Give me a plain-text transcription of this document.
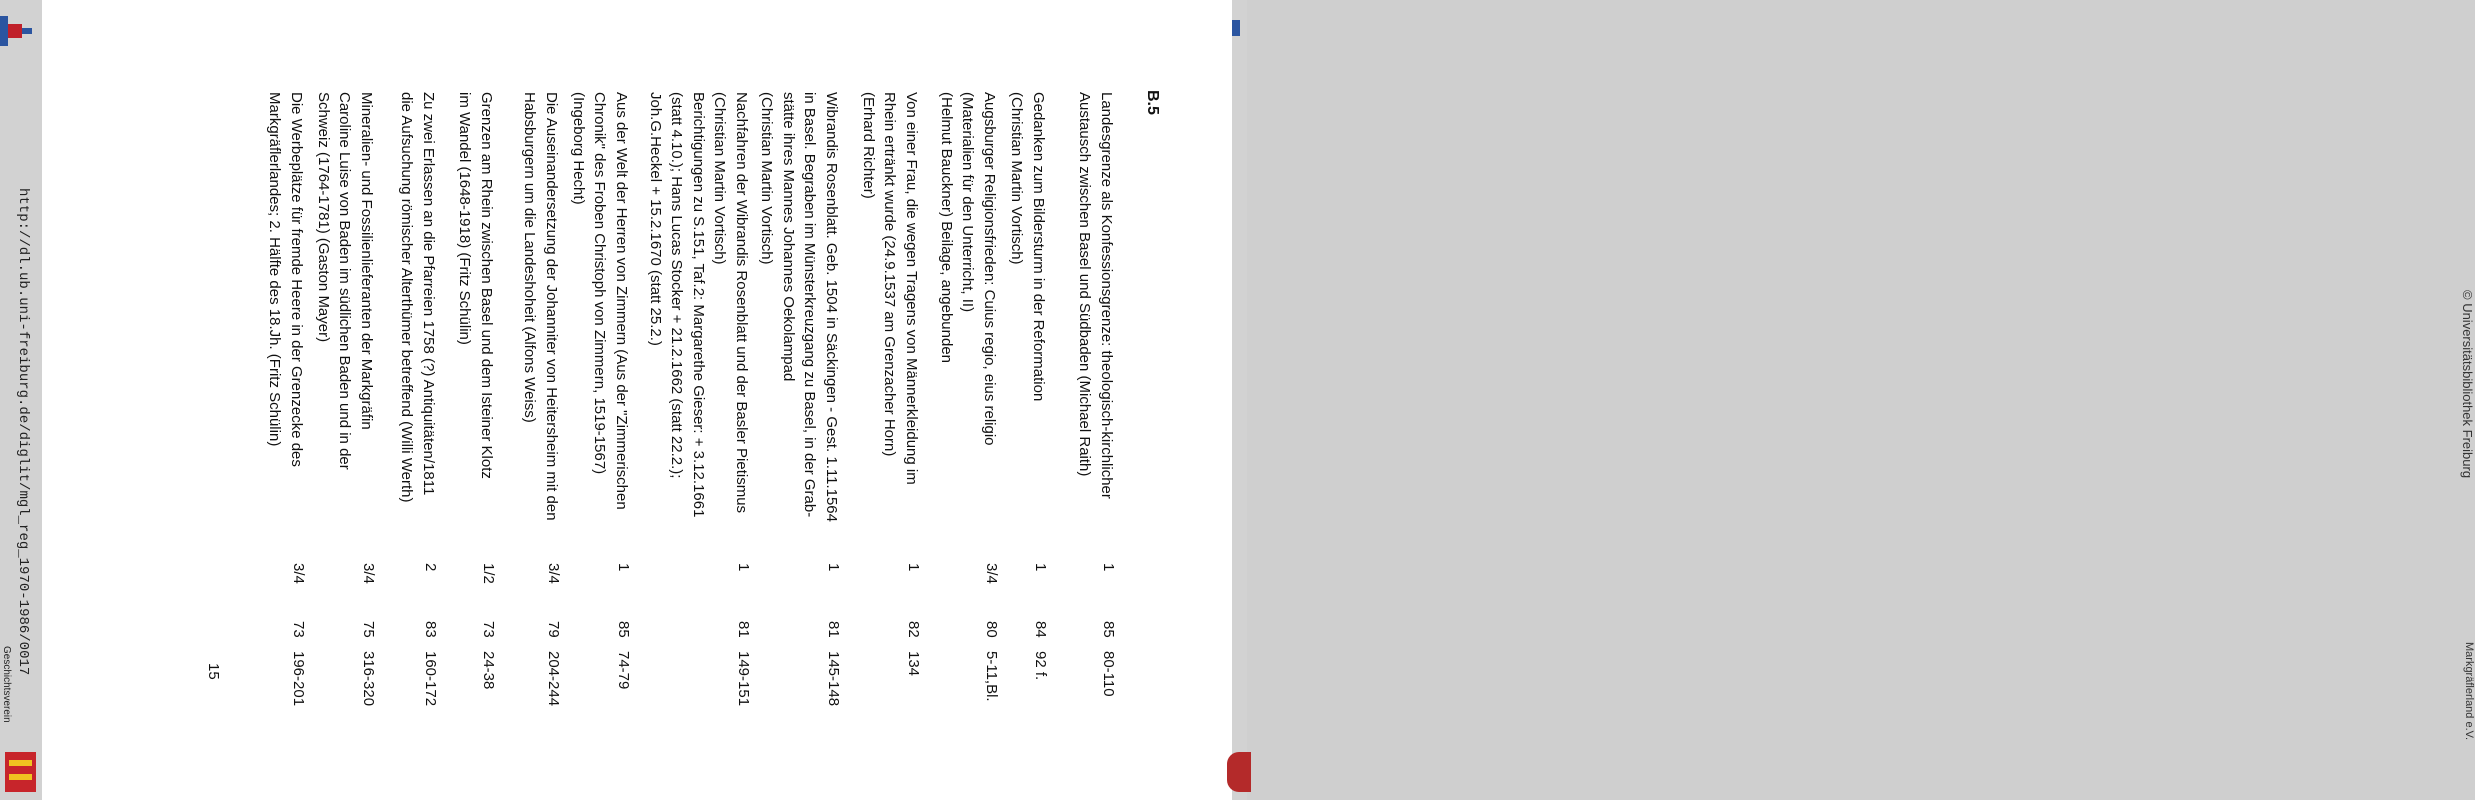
http://dl.ub.uni-freiburg.de/diglit/mgl_reg_1970-1986/0017
Geschichtsverein
B.5
15
Landesgrenze als Konfessionsgrenze: theologisch-kirchlicher
Austausch zwischen Basel und Südbaden (Michael Raith)
1
85
80-110
Gedanken zum Bildersturm in der Reformation
(Christian Martin Vortisch)
1
84
92 f.
Augsburger Religionsfrieden: Cuius regio, eius religio
(Materialien für den Unterricht, II)
(Helmut Bauckner) Beilage, angebunden
3/4
80
5-11,Bl.
Von einer Frau, die wegen Tragens von Männerkleidung im
Rhein ertränkt wurde (24.9.1537 am Grenzacher Horn)
(Erhard Richter)
1
82
134
Wibrandis Rosenblatt. Geb. 1504 in Säckingen - Gest. 1.11.1564
in Basel. Begraben im Münsterkreuzgang zu Basel, in der Grab-
stätte ihres Mannes Johannes Oekolampad
(Christian Martin Vortisch)
1
81
145-148
Nachfahren der Wibrandis Rosenblatt und der Basler Pietismus
(Christian Martin Vortisch)
Berichtigungen zu S.151, Taf.2: Margarethe Gieser: + 3.12.1661
(statt 4.10.); Hans Lucas Stocker + 21.2.1662 (statt 22.2.);
Joh.G.Heckel + 15.2.1670 (statt 25.2.)
1
81
149-151
Aus der Welt der Herren von Zimmern (Aus der "Zimmerischen
Chronik" des Froben Christoph von Zimmern, 1519-1567)
(Ingeborg Hecht)
1
85
74-79
Die Auseinandersetzung der Johanniter von Heitersheim mit den
Habsburgern um die Landeshoheit (Alfons Weiss)
3/4
79
204-244
Grenzen am Rhein zwischen Basel und dem Isteiner Klotz
im Wandel (1648-1918) (Fritz Schülin)
1/2
73
24-38
Zu zwei Erlassen an die Pfarreien 1758 (?) Antiquitäten/1811
die Aufsuchung römischer Alterthümer betreffend (Willi Werth)
2
83
160-172
Mineralien- und Fossilienlieferanten der Markgräfin
Caroline Luise von Baden im südlichen Baden und in der
Schweiz (1764-1781) (Gaston Mayer)
3/4
75
316-320
Die Werbeplätze für fremde Heere in der Grenzecke des
Markgräflerlandes; 2. Hälfte des 18.Jh. (Fritz Schülin)
3/4
73
196-201
© Universitätsbibliothek Freiburg
Markgräflerland e.V.
